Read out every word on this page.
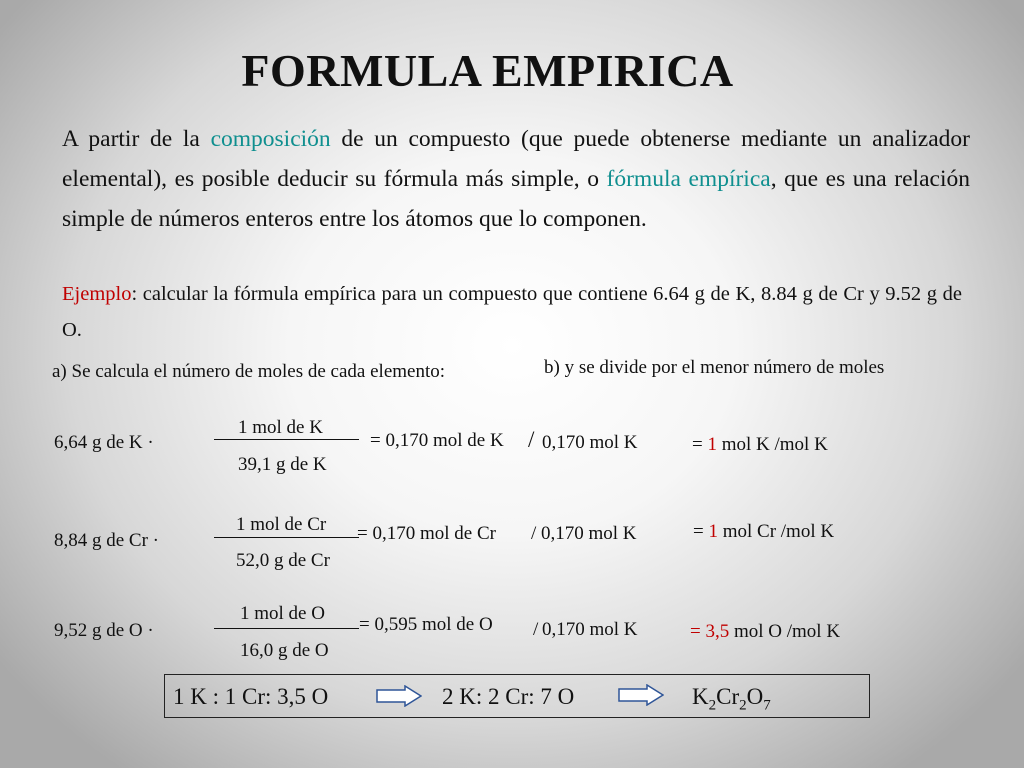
FORMULA EMPIRICA
A partir de la composición de un compuesto (que puede obtenerse mediante un analizador elemental), es posible deducir su fórmula más simple, o fórmula empírica, que es una relación simple de números enteros entre los átomos que lo componen.
Ejemplo: calcular la fórmula empírica para un compuesto que contiene 6.64 g de K, 8.84 g de Cr y 9.52 g de O.
a) Se calcula el número de moles de cada elemento:	b) y se divide por el menor número de moles
6,64 g de K ·
1 mol de K
39,1 g de K
= 0,170 mol de K / 0,170 mol K	= 1 mol K /mol K
8,84 g de Cr ·
1 mol de Cr
52,0 g de Cr
= 0,170 mol de Cr / 0,170 mol K	= 1 mol Cr /mol K
9,52 g de O ·
1 mol de O
16,0 g de O
= 0,595 mol de O / 0,170 mol K	= 3,5 mol O /mol K
1 K : 1 Cr: 3,5 O	2 K: 2 Cr: 7 O	$K_2Cr_2O_7$
